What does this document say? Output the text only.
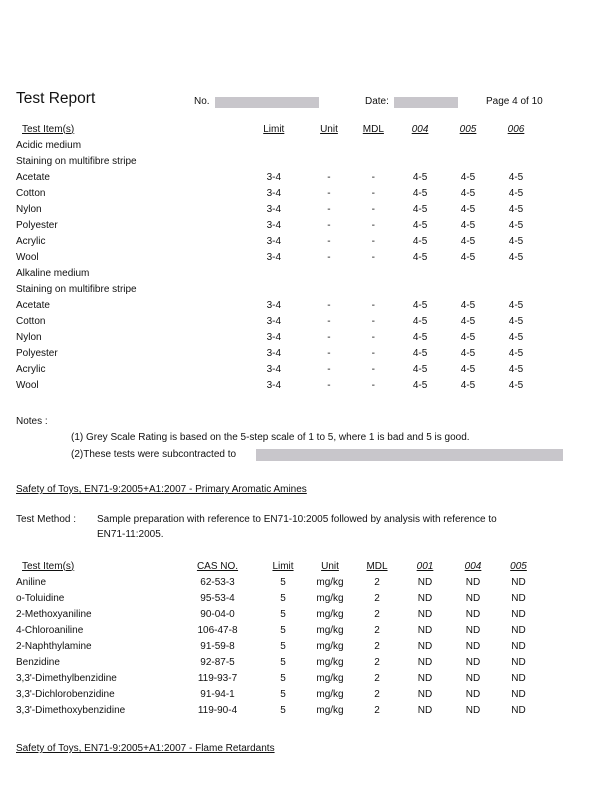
Test Report	No.	Date:	Page 4 of 10
Test Item(s)	Limit	Unit	MDL	004	005	006
Acidic medium						
Staining on multifibre stripe						
Acetate	3-4	-	-	4-5	4-5	4-5
Cotton	3-4	-	-	4-5	4-5	4-5
Nylon	3-4	-	-	4-5	4-5	4-5
Polyester	3-4	-	-	4-5	4-5	4-5
Acrylic	3-4	-	-	4-5	4-5	4-5
Wool	3-4	-	-	4-5	4-5	4-5
Alkaline medium						
Staining on multifibre stripe						
Acetate	3-4	-	-	4-5	4-5	4-5
Cotton	3-4	-	-	4-5	4-5	4-5
Nylon	3-4	-	-	4-5	4-5	4-5
Polyester	3-4	-	-	4-5	4-5	4-5
Acrylic	3-4	-	-	4-5	4-5	4-5
Wool	3-4	-	-	4-5	4-5	4-5
Notes :
(1) Grey Scale Rating is based on the 5-step scale of 1 to 5, where 1 is bad and 5 is good.
(2)These tests were subcontracted to
Safety of Toys, EN71-9:2005+A1:2007 - Primary Aromatic Amines
Test Method : Sample preparation with reference to EN71-10:2005 followed by analysis with reference to
EN71-11:2005.
Test Item(s)	CAS NO.	Limit	Unit	MDL	001	004	005
Aniline	62-53-3	5	mg/kg	2	ND	ND	ND
o-Toluidine	95-53-4	5	mg/kg	2	ND	ND	ND
2-Methoxyaniline	90-04-0	5	mg/kg	2	ND	ND	ND
4-Chloroaniline	106-47-8	5	mg/kg	2	ND	ND	ND
2-Naphthylamine	91-59-8	5	mg/kg	2	ND	ND	ND
Benzidine	92-87-5	5	mg/kg	2	ND	ND	ND
3,3'-Dimethylbenzidine	119-93-7	5	mg/kg	2	ND	ND	ND
3,3'-Dichlorobenzidine	91-94-1	5	mg/kg	2	ND	ND	ND
3,3'-Dimethoxybenzidine	119-90-4	5	mg/kg	2	ND	ND	ND
Safety of Toys, EN71-9:2005+A1:2007 - Flame Retardants
